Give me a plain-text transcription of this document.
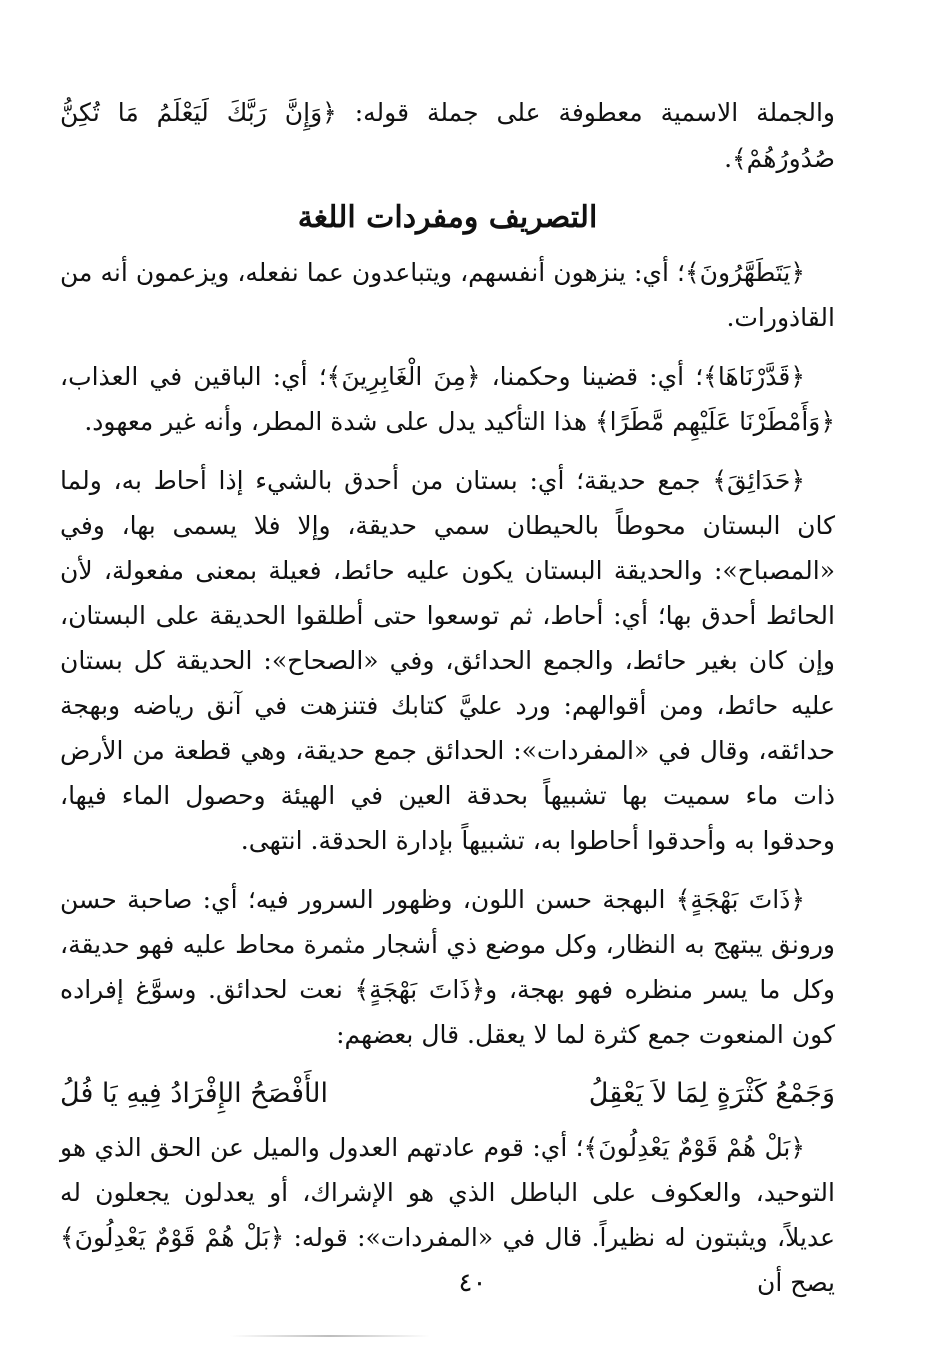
والجملة الاسمية معطوفة على جملة قوله: ﴿وَإِنَّ رَبَّكَ لَيَعْلَمُ مَا تُكِنُّ صُدُورُهُمْ﴾.

التصريف ومفردات اللغة

﴿يَتَطَهَّرُونَ﴾؛ أي: ينزهون أنفسهم، ويتباعدون عما نفعله، ويزعمون أنه من القاذورات.

﴿قَدَّرْنَاهَا﴾؛ أي: قضينا وحكمنا، ﴿مِنَ الْغَابِرِينَ﴾؛ أي: الباقين في العذاب، ﴿وَأَمْطَرْنَا عَلَيْهِم مَّطَرًا﴾ هذا التأكيد يدل على شدة المطر، وأنه غير معهود.

﴿حَدَائِقَ﴾ جمع حديقة؛ أي: بستان من أحدق بالشيء إذا أحاط به، ولما كان البستان محوطاً بالحيطان سمي حديقة، وإلا فلا يسمى بها، وفي «المصباح»: والحديقة البستان يكون عليه حائط، فعيلة بمعنى مفعولة، لأن الحائط أحدق بها؛ أي: أحاط، ثم توسعوا حتى أطلقوا الحديقة على البستان، وإن كان بغير حائط، والجمع الحدائق، وفي «الصحاح»: الحديقة كل بستان عليه حائط، ومن أقوالهم: ورد عليَّ كتابك فتنزهت في آنق رياضه وبهجة حدائقه، وقال في «المفردات»: الحدائق جمع حديقة، وهي قطعة من الأرض ذات ماء سميت بها تشبيهاً بحدقة العين في الهيئة وحصول الماء فيها، وحدقوا به وأحدقوا أحاطوا به، تشبيهاً بإدارة الحدقة. انتهى.

﴿ذَاتَ بَهْجَةٍ﴾ البهجة حسن اللون، وظهور السرور فيه؛ أي: صاحبة حسن ورونق يبتهج به النظار، وكل موضع ذي أشجار مثمرة محاط عليه فهو حديقة، وكل ما يسر منظره فهو بهجة، و﴿ذَاتَ بَهْجَةٍ﴾ نعت لحدائق. وسوَّغ إفراده كون المنعوت جمع كثرة لما لا يعقل. قال بعضهم:

وَجَمْعُ كَثْرَةٍ لِمَا لاَ يَعْقِلُ
الأَفْصَحُ الإِفْرَادُ فِيهِ يَا فُلُ

﴿بَلْ هُمْ قَوْمٌ يَعْدِلُونَ﴾؛ أي: قوم عادتهم العدول والميل عن الحق الذي هو التوحيد، والعكوف على الباطل الذي هو الإشراك، أو يعدلون يجعلون له عديلاً، ويثبتون له نظيراً. قال في «المفردات»: قوله: ﴿بَلْ هُمْ قَوْمٌ يَعْدِلُونَ﴾ يصح أن

٤٠
